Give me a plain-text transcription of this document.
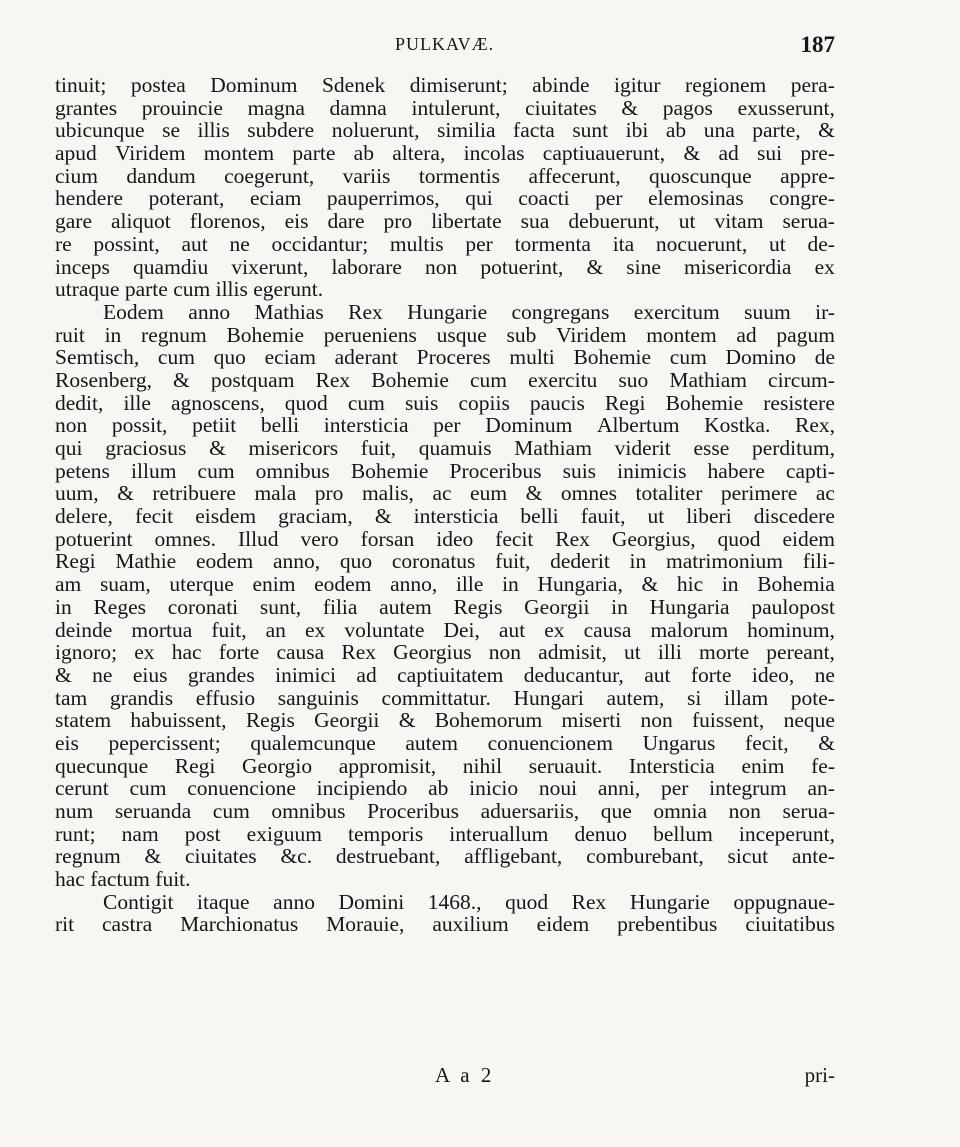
PULKAVÆ.	187
tinuit; postea Dominum Sdenek dimiserunt; abinde igitur regionem pera-
grantes prouincie magna damna intulerunt, ciuitates & pagos exusserunt,
ubicunque se illis subdere noluerunt, similia facta sunt ibi ab una parte, &
apud Viridem montem parte ab altera, incolas captiuauerunt, & ad sui pre-
cium dandum coegerunt, variis tormentis affecerunt, quoscunque appre-
hendere poterant, eciam pauperrimos, qui coacti per elemosinas congre-
gare aliquot florenos, eis dare pro libertate sua debuerunt, ut vitam serua-
re possint, aut ne occidantur; multis per tormenta ita nocuerunt, ut de-
inceps quamdiu vixerunt, laborare non potuerint, & sine misericordia ex
utraque parte cum illis egerunt.
Eodem anno Mathias Rex Hungarie congregans exercitum suum ir-
ruit in regnum Bohemie perueniens usque sub Viridem montem ad pagum
Semtisch, cum quo eciam aderant Proceres multi Bohemie cum Domino de
Rosenberg, & postquam Rex Bohemie cum exercitu suo Mathiam circum-
dedit, ille agnoscens, quod cum suis copiis paucis Regi Bohemie resistere
non possit, petiit belli intersticia per Dominum Albertum Kostka. Rex,
qui graciosus & misericors fuit, quamuis Mathiam viderit esse perditum,
petens illum cum omnibus Bohemie Proceribus suis inimicis habere capti-
uum, & retribuere mala pro malis, ac eum & omnes totaliter perimere ac
delere, fecit eisdem graciam, & intersticia belli fauit, ut liberi discedere
potuerint omnes. Illud vero forsan ideo fecit Rex Georgius, quod eidem
Regi Mathie eodem anno, quo coronatus fuit, dederit in matrimonium fili-
am suam, uterque enim eodem anno, ille in Hungaria, & hic in Bohemia
in Reges coronati sunt, filia autem Regis Georgii in Hungaria paulopost
deinde mortua fuit, an ex voluntate Dei, aut ex causa malorum hominum,
ignoro; ex hac forte causa Rex Georgius non admisit, ut illi morte pereant,
& ne eius grandes inimici ad captiuitatem deducantur, aut forte ideo, ne
tam grandis effusio sanguinis committatur. Hungari autem, si illam pote-
statem habuissent, Regis Georgii & Bohemorum miserti non fuissent, neque
eis pepercissent; qualemcunque autem conuencionem Ungarus fecit, &
quecunque Regi Georgio appromisit, nihil seruauit. Intersticia enim fe-
cerunt cum conuencione incipiendo ab inicio noui anni, per integrum an-
num seruanda cum omnibus Proceribus aduersariis, que omnia non serua-
runt; nam post exiguum temporis interuallum denuo bellum inceperunt,
regnum & ciuitates &c. destruebant, affligebant, comburebant, sicut ante-
hac factum fuit.
Contigit itaque anno Domini 1468., quod Rex Hungarie oppugnaue-
rit castra Marchionatus Morauie, auxilium eidem prebentibus ciuitatibus
A a 2	pri-
